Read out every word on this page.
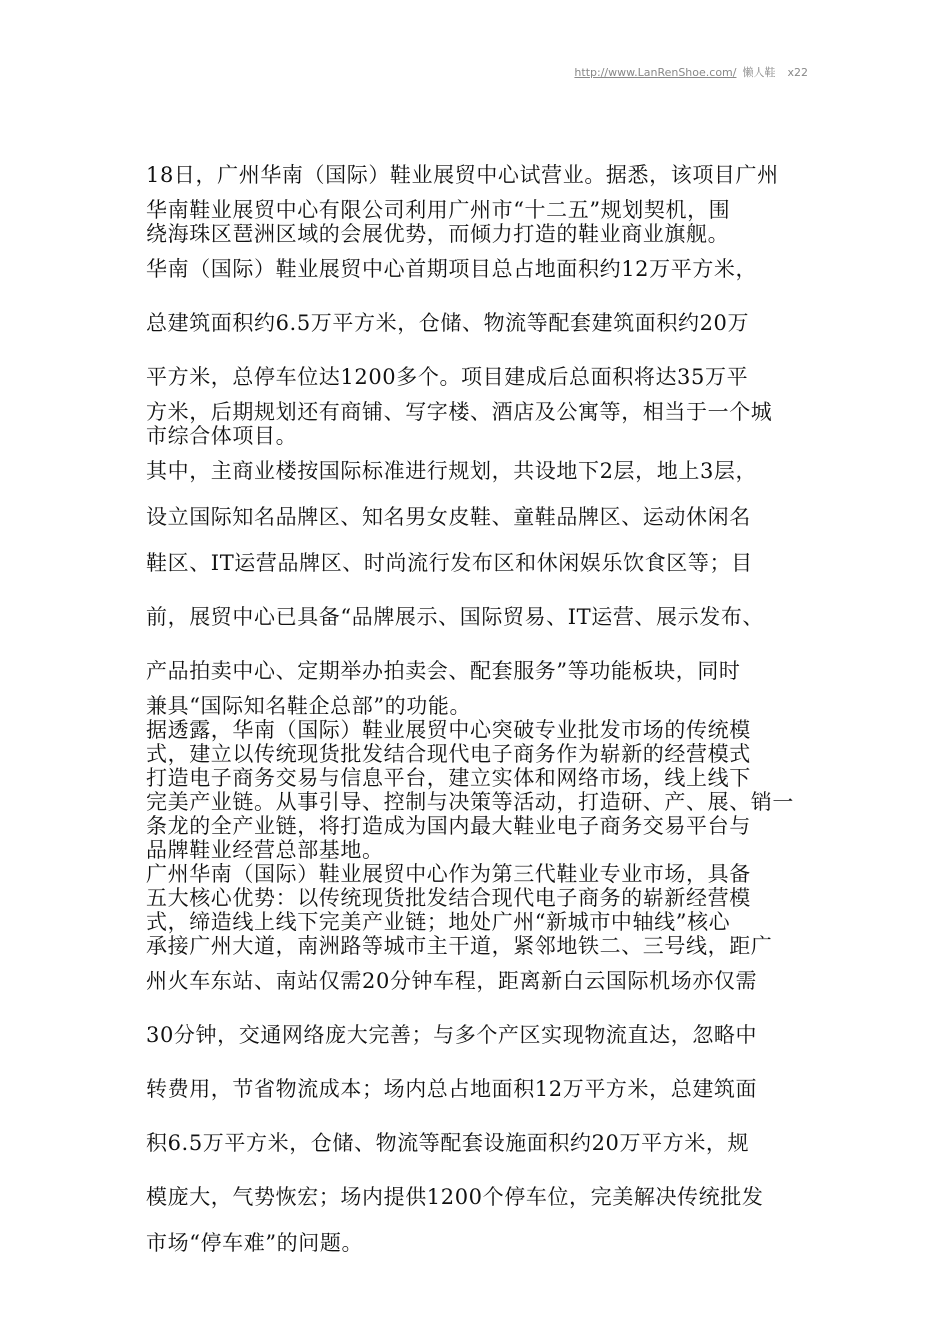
http://www.LanRenShoe.com/ 懒人鞋 x22
18日，广州华南（国际）鞋业展贸中心试营业。据悉，该项目广州
华南鞋业展贸中心有限公司利用广州市“十二五”规划契机，围
绕海珠区琶洲区域的会展优势，而倾力打造的鞋业商业旗舰。
华南（国际）鞋业展贸中心首期项目总占地面积约12万平方米，
总建筑面积约6.5万平方米，仓储、物流等配套建筑面积约20万
平方米，总停车位达1200多个。项目建成后总面积将达35万平
方米，后期规划还有商铺、写字楼、酒店及公寓等，相当于一个城
市综合体项目。
其中，主商业楼按国际标准进行规划，共设地下2层，地上3层，
设立国际知名品牌区、知名男女皮鞋、童鞋品牌区、运动休闲名
鞋区、IT运营品牌区、时尚流行发布区和休闲娱乐饮食区等；目
前，展贸中心已具备“品牌展示、国际贸易、IT运营、展示发布、
产品拍卖中心、定期举办拍卖会、配套服务”等功能板块，同时
兼具“国际知名鞋企总部”的功能。
据透露，华南（国际）鞋业展贸中心突破专业批发市场的传统模
式，建立以传统现货批发结合现代电子商务作为崭新的经营模式
打造电子商务交易与信息平台，建立实体和网络市场，线上线下
完美产业链。从事引导、控制与决策等活动，打造研、产、展、销一
条龙的全产业链，将打造成为国内最大鞋业电子商务交易平台与
品牌鞋业经营总部基地。
广州华南（国际）鞋业展贸中心作为第三代鞋业专业市场，具备
五大核心优势：以传统现货批发结合现代电子商务的崭新经营模
式，缔造线上线下完美产业链；地处广州“新城市中轴线”核心
承接广州大道，南洲路等城市主干道，紧邻地铁二、三号线，距广
州火车东站、南站仅需20分钟车程，距离新白云国际机场亦仅需
30分钟，交通网络庞大完善；与多个产区实现物流直达，忽略中
转费用，节省物流成本；场内总占地面积12万平方米，总建筑面
积6.5万平方米，仓储、物流等配套设施面积约20万平方米，规
模庞大，气势恢宏；场内提供1200个停车位，完美解决传统批发
市场“停车难”的问题。
